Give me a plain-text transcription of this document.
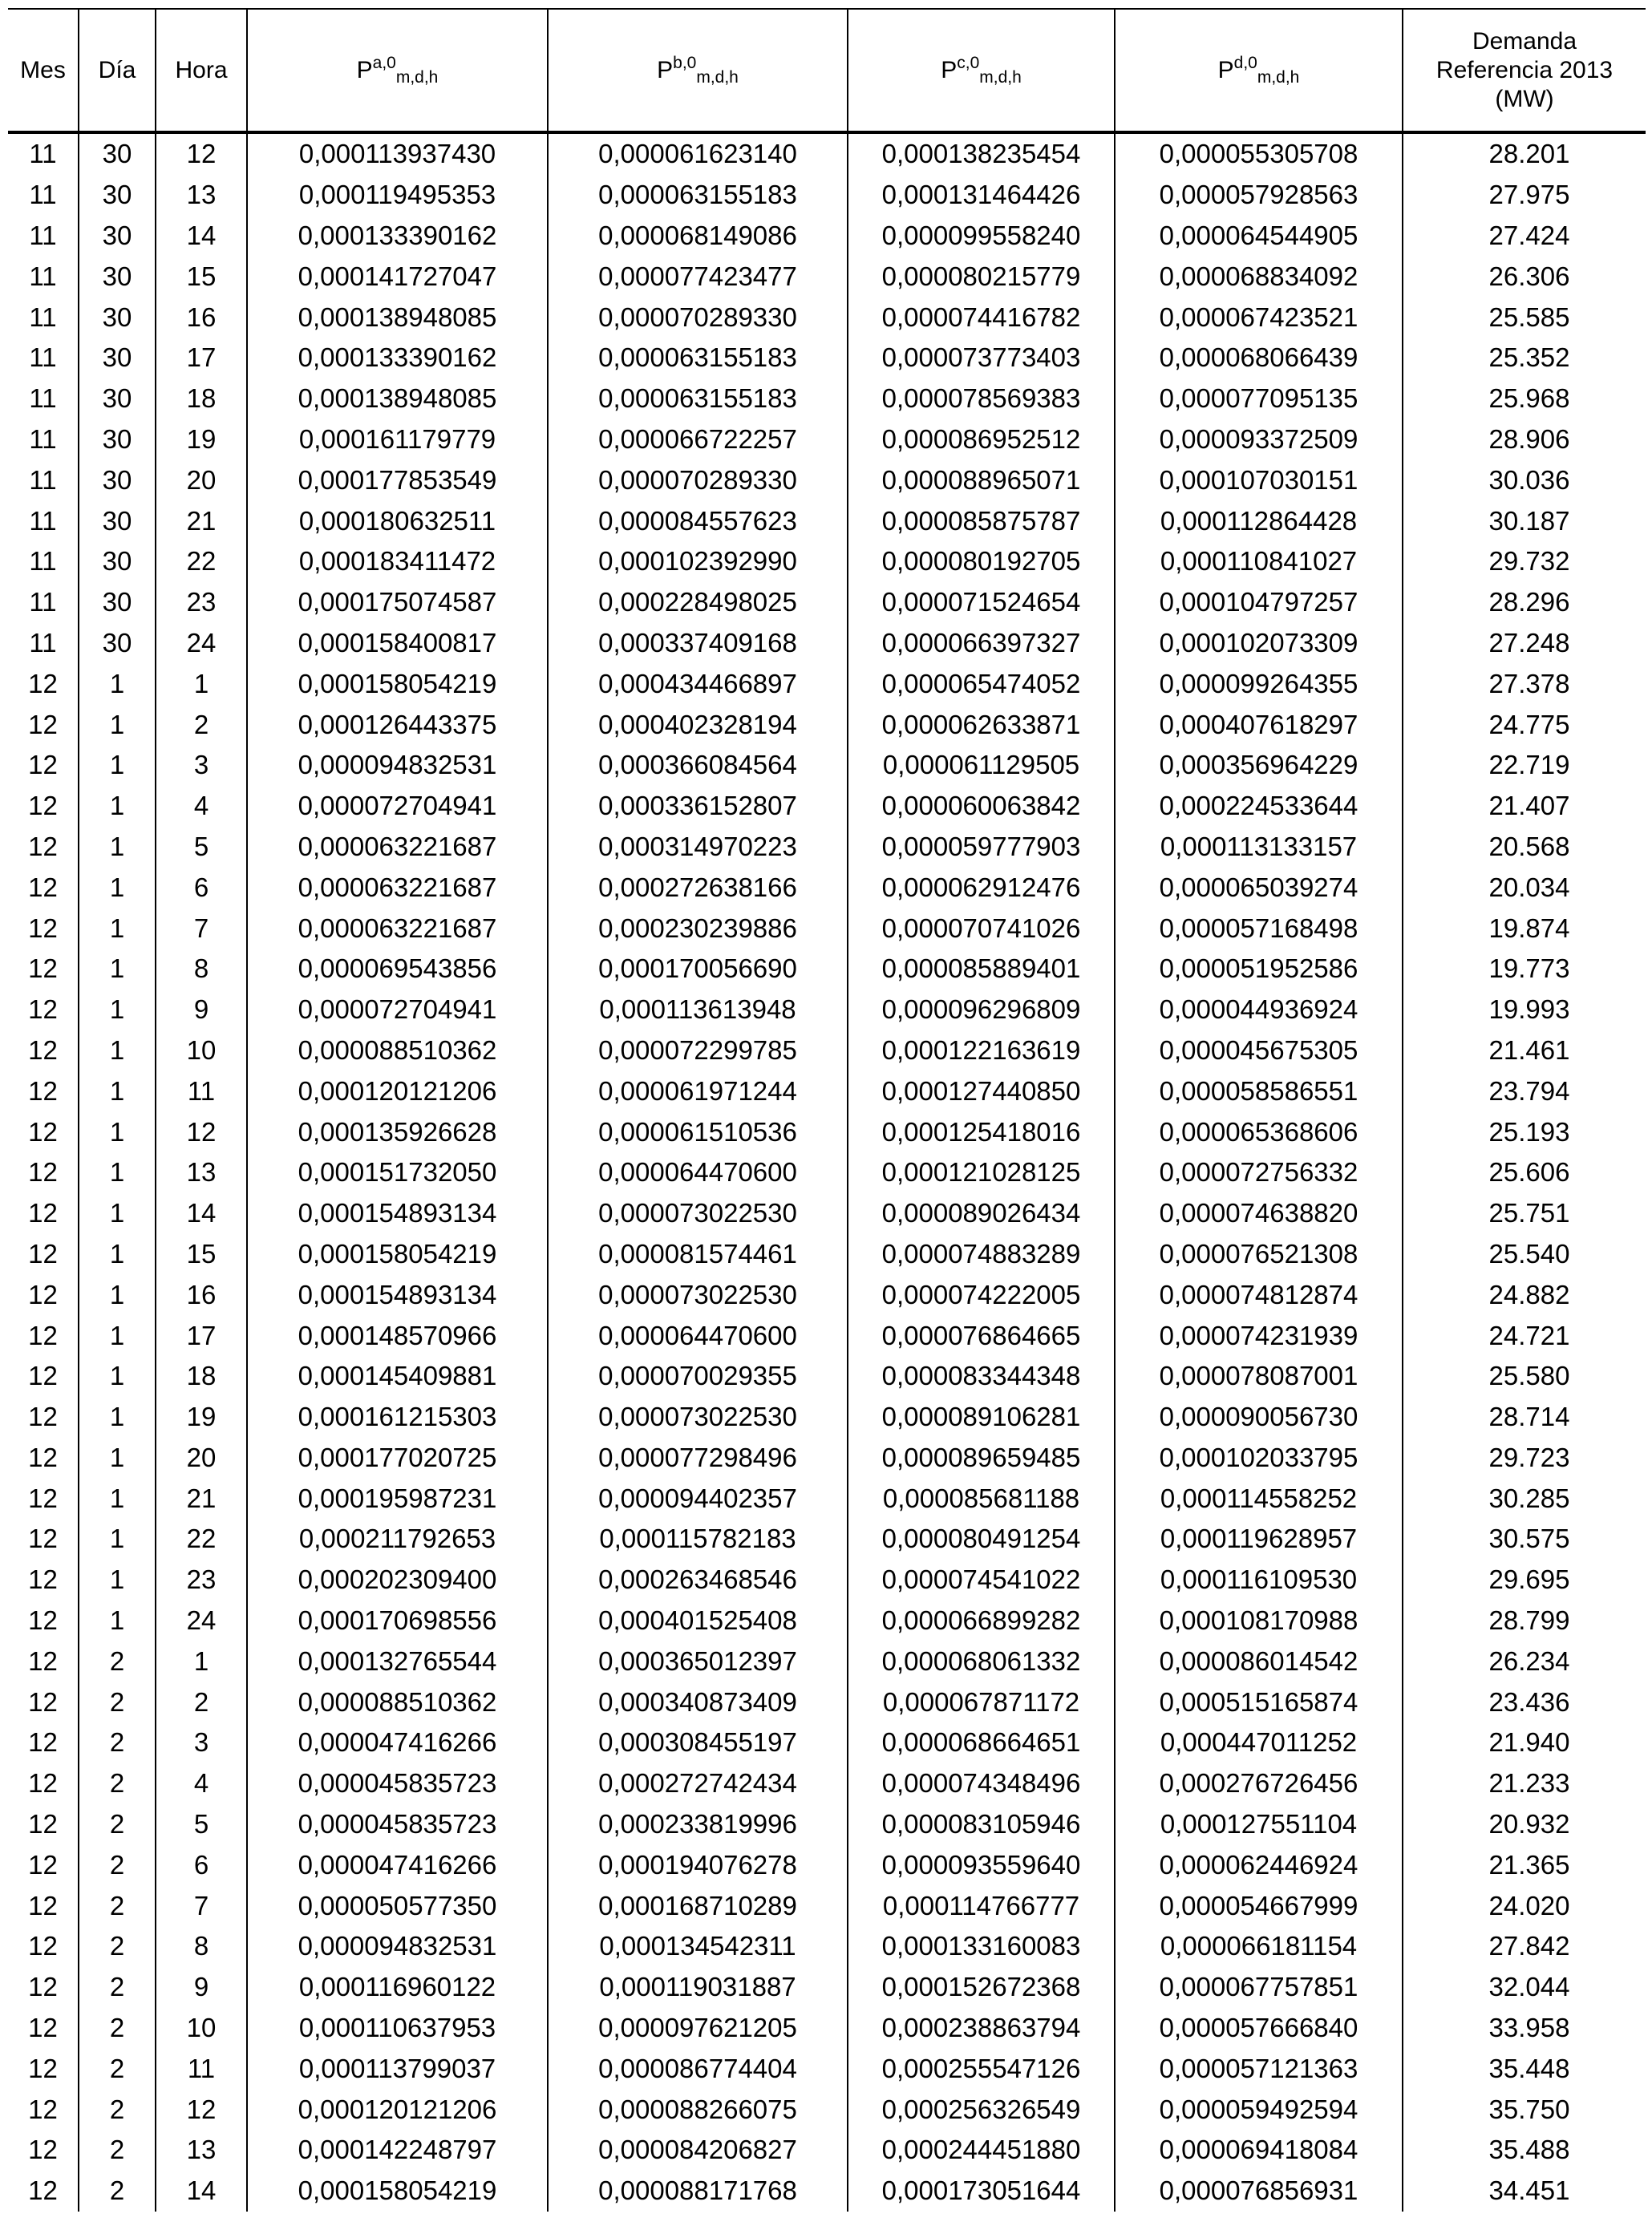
Mes	Día	Hora	P$^{a,0}_{m,d,h}$	P$^{b,0}_{m,d,h}$	P$^{c,0}_{m,d,h}$	P$^{d,0}_{m,d,h}$	Demanda
Referencia 2013
(MW)
11	30	12	0,000113937430	0,000061623140	0,000138235454	0,000055305708	28.201
11	30	13	0,000119495353	0,000063155183	0,000131464426	0,000057928563	27.975
11	30	14	0,000133390162	0,000068149086	0,000099558240	0,000064544905	27.424
11	30	15	0,000141727047	0,000077423477	0,000080215779	0,000068834092	26.306
11	30	16	0,000138948085	0,000070289330	0,000074416782	0,000067423521	25.585
11	30	17	0,000133390162	0,000063155183	0,000073773403	0,000068066439	25.352
11	30	18	0,000138948085	0,000063155183	0,000078569383	0,000077095135	25.968
11	30	19	0,000161179779	0,000066722257	0,000086952512	0,000093372509	28.906
11	30	20	0,000177853549	0,000070289330	0,000088965071	0,000107030151	30.036
11	30	21	0,000180632511	0,000084557623	0,000085875787	0,000112864428	30.187
11	30	22	0,000183411472	0,000102392990	0,000080192705	0,000110841027	29.732
11	30	23	0,000175074587	0,000228498025	0,000071524654	0,000104797257	28.296
11	30	24	0,000158400817	0,000337409168	0,000066397327	0,000102073309	27.248
12	1	1	0,000158054219	0,000434466897	0,000065474052	0,000099264355	27.378
12	1	2	0,000126443375	0,000402328194	0,000062633871	0,000407618297	24.775
12	1	3	0,000094832531	0,000366084564	0,000061129505	0,000356964229	22.719
12	1	4	0,000072704941	0,000336152807	0,000060063842	0,000224533644	21.407
12	1	5	0,000063221687	0,000314970223	0,000059777903	0,000113133157	20.568
12	1	6	0,000063221687	0,000272638166	0,000062912476	0,000065039274	20.034
12	1	7	0,000063221687	0,000230239886	0,000070741026	0,000057168498	19.874
12	1	8	0,000069543856	0,000170056690	0,000085889401	0,000051952586	19.773
12	1	9	0,000072704941	0,000113613948	0,000096296809	0,000044936924	19.993
12	1	10	0,000088510362	0,000072299785	0,000122163619	0,000045675305	21.461
12	1	11	0,000120121206	0,000061971244	0,000127440850	0,000058586551	23.794
12	1	12	0,000135926628	0,000061510536	0,000125418016	0,000065368606	25.193
12	1	13	0,000151732050	0,000064470600	0,000121028125	0,000072756332	25.606
12	1	14	0,000154893134	0,000073022530	0,000089026434	0,000074638820	25.751
12	1	15	0,000158054219	0,000081574461	0,000074883289	0,000076521308	25.540
12	1	16	0,000154893134	0,000073022530	0,000074222005	0,000074812874	24.882
12	1	17	0,000148570966	0,000064470600	0,000076864665	0,000074231939	24.721
12	1	18	0,000145409881	0,000070029355	0,000083344348	0,000078087001	25.580
12	1	19	0,000161215303	0,000073022530	0,000089106281	0,000090056730	28.714
12	1	20	0,000177020725	0,000077298496	0,000089659485	0,000102033795	29.723
12	1	21	0,000195987231	0,000094402357	0,000085681188	0,000114558252	30.285
12	1	22	0,000211792653	0,000115782183	0,000080491254	0,000119628957	30.575
12	1	23	0,000202309400	0,000263468546	0,000074541022	0,000116109530	29.695
12	1	24	0,000170698556	0,000401525408	0,000066899282	0,000108170988	28.799
12	2	1	0,000132765544	0,000365012397	0,000068061332	0,000086014542	26.234
12	2	2	0,000088510362	0,000340873409	0,000067871172	0,000515165874	23.436
12	2	3	0,000047416266	0,000308455197	0,000068664651	0,000447011252	21.940
12	2	4	0,000045835723	0,000272742434	0,000074348496	0,000276726456	21.233
12	2	5	0,000045835723	0,000233819996	0,000083105946	0,000127551104	20.932
12	2	6	0,000047416266	0,000194076278	0,000093559640	0,000062446924	21.365
12	2	7	0,000050577350	0,000168710289	0,000114766777	0,000054667999	24.020
12	2	8	0,000094832531	0,000134542311	0,000133160083	0,000066181154	27.842
12	2	9	0,000116960122	0,000119031887	0,000152672368	0,000067757851	32.044
12	2	10	0,000110637953	0,000097621205	0,000238863794	0,000057666840	33.958
12	2	11	0,000113799037	0,000086774404	0,000255547126	0,000057121363	35.448
12	2	12	0,000120121206	0,000088266075	0,000256326549	0,000059492594	35.750
12	2	13	0,000142248797	0,000084206827	0,000244451880	0,000069418084	35.488
12	2	14	0,000158054219	0,000088171768	0,000173051644	0,000076856931	34.451
